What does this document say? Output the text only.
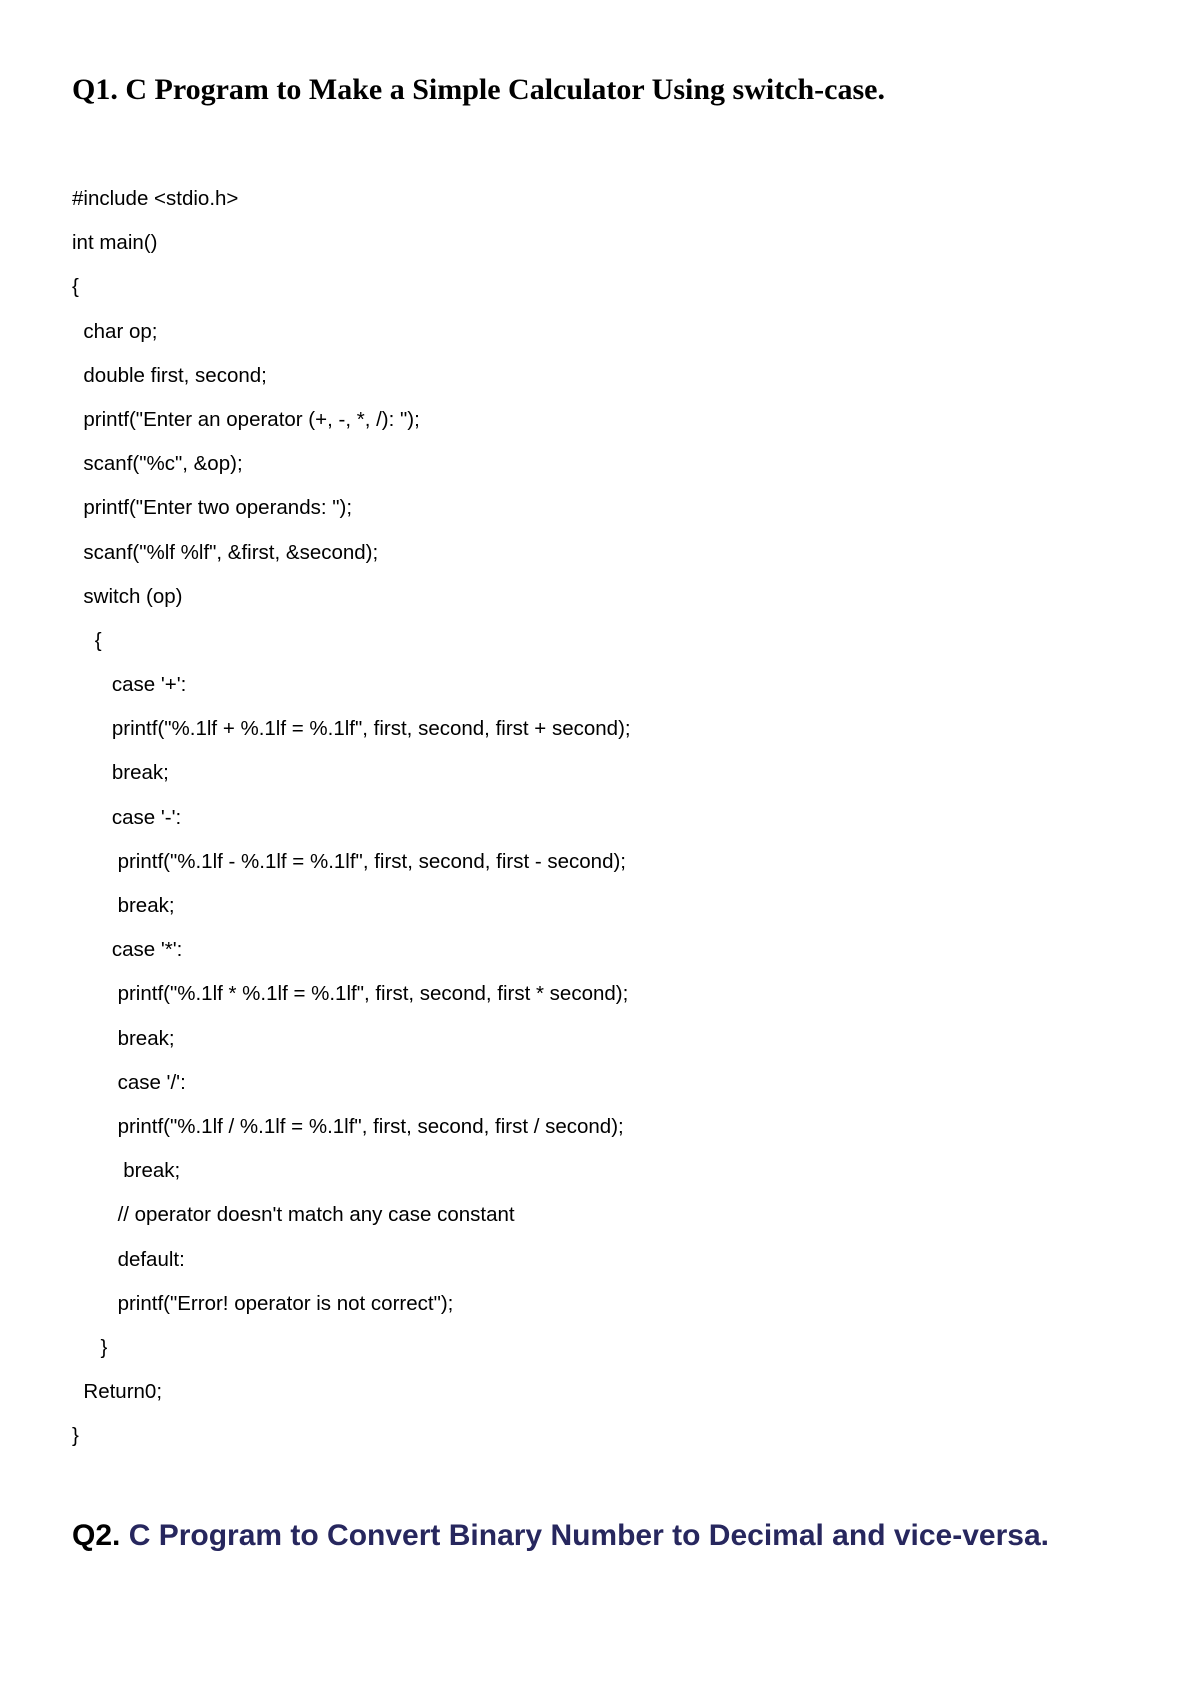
Q1. C Program to Make a Simple Calculator Using switch-case.
#include <stdio.h>
int main()
{
char op;
double first, second;
printf("Enter an operator (+, -, *, /): ");
scanf("%c", &op);
printf("Enter two operands: ");
scanf("%lf %lf", &first, &second);
switch (op)
{
case '+':
printf("%.1lf + %.1lf = %.1lf", first, second, first + second);
break;
case '-':
printf("%.1lf - %.1lf = %.1lf", first, second, first - second);
break;
case '*':
printf("%.1lf * %.1lf = %.1lf", first, second, first * second);
break;
case '/':
printf("%.1lf / %.1lf = %.1lf", first, second, first / second);
break;
// operator doesn't match any case constant
default:
printf("Error! operator is not correct");
}
Return0;
}
Q2. C Program to Convert Binary Number to Decimal and vice-versa.
